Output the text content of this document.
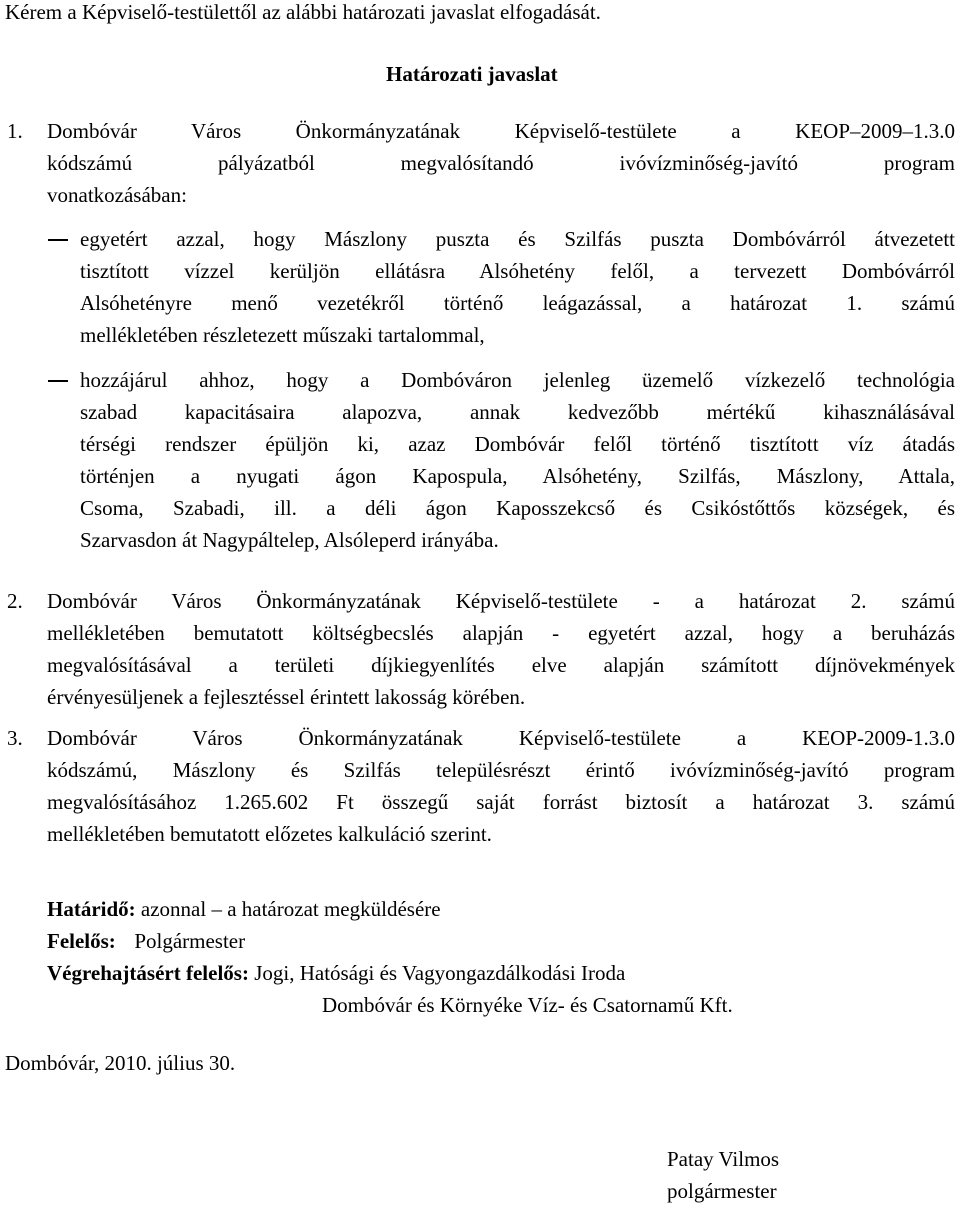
Kérem a Képviselő-testülettől az alábbi határozati javaslat elfogadását.
Határozati javaslat
1. Dombóvár Város Önkormányzatának Képviselő-testülete a KEOP–2009–1.3.0
kódszámú pályázatból megvalósítandó ivóvízminőség-javító program
vonatkozásában:
egyetért azzal, hogy Mászlony puszta és Szilfás puszta Dombóvárról átvezetett
tisztított vízzel kerüljön ellátásra Alsóhetény felől, a tervezett Dombóvárról
Alsóhetényre menő vezetékről történő leágazással, a határozat 1. számú
mellékletében részletezett műszaki tartalommal,
hozzájárul ahhoz, hogy a Dombóváron jelenleg üzemelő vízkezelő technológia
szabad kapacitásaira alapozva, annak kedvezőbb mértékű kihasználásával
térségi rendszer épüljön ki, azaz Dombóvár felől történő tisztított víz átadás
történjen a nyugati ágon Kapospula, Alsóhetény, Szilfás, Mászlony, Attala,
Csoma, Szabadi, ill. a déli ágon Kaposszekcső és Csikóstőttős községek, és
Szarvasdon át Nagypáltelep, Alsóleperd irányába.
2. Dombóvár Város Önkormányzatának Képviselő-testülete - a határozat 2. számú
mellékletében bemutatott költségbecslés alapján - egyetért azzal, hogy a beruházás
megvalósításával a területi díjkiegyenlítés elve alapján számított díjnövekmények
érvényesüljenek a fejlesztéssel érintett lakosság körében.
3. Dombóvár Város Önkormányzatának Képviselő-testülete a KEOP-2009-1.3.0
kódszámú, Mászlony és Szilfás településrészt érintő ivóvízminőség-javító program
megvalósításához 1.265.602 Ft összegű saját forrást biztosít a határozat 3. számú
mellékletében bemutatott előzetes kalkuláció szerint.
Határidő: azonnal – a határozat megküldésére
Felelős: Polgármester
Végrehajtásért felelős: Jogi, Hatósági és Vagyongazdálkodási Iroda
Dombóvár és Környéke Víz- és Csatornamű Kft.
Dombóvár, 2010. július 30.
Patay Vilmos
polgármester
